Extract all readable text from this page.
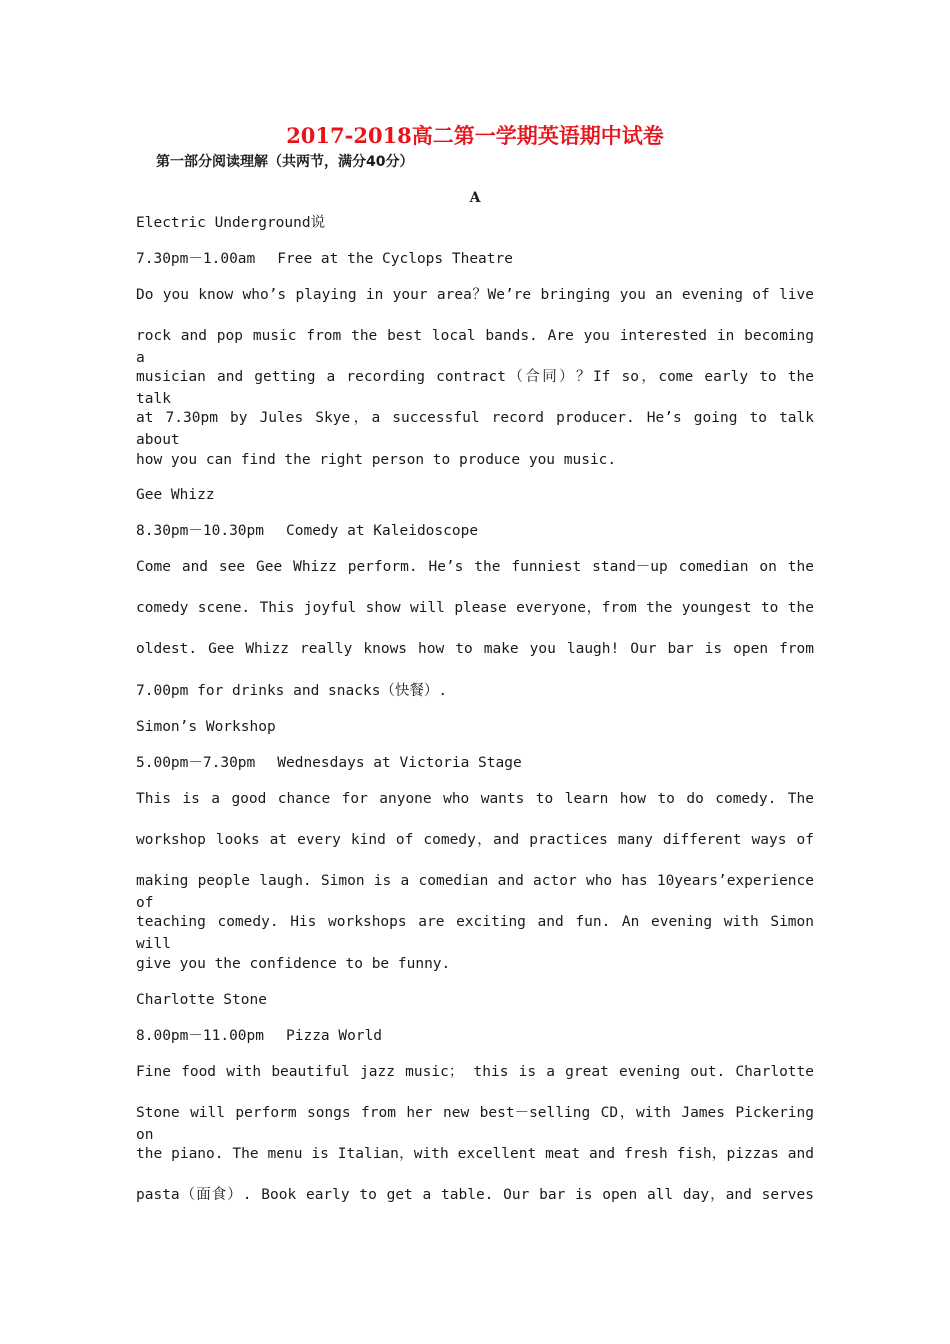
2017-2018高二第一学期英语期中试卷
第一部分阅读理解（共两节，满分40分）
A
Electric Underground说
7.30pm－1.00am Free at the Cyclops Theatre
Do you know who’s playing in your area？We’re bringing you an evening of live
rock and pop music from the best local bands. Are you interested in becoming a
musician and getting a recording contract（合同）？If so，come early to the talk
at 7.30pm by Jules Skye，a successful record producer. He’s going to talk about
how you can find the right person to produce you music.
Gee Whizz
8.30pm－10.30pm Comedy at Kaleidoscope
Come and see Gee Whizz perform. He’s the funniest stand－up comedian on the
comedy scene. This joyful show will please everyone，from the youngest to the
oldest. Gee Whizz really knows how to make you laugh! Our bar is open from
7.00pm for drinks and snacks（快餐）.
Simon’s Workshop
5.00pm－7.30pm Wednesdays at Victoria Stage
This is a good chance for anyone who wants to learn how to do comedy. The
workshop looks at every kind of comedy，and practices many different ways of
making people laugh. Simon is a comedian and actor who has 10years’experience of
teaching comedy. His workshops are exciting and fun. An evening with Simon will
give you the confidence to be funny.
Charlotte Stone
8.00pm－11.00pm Pizza World
Fine food with beautiful jazz music； this is a great evening out. Charlotte
Stone will perform songs from her new best－selling CD，with James Pickering on
the piano. The menu is Italian，with excellent meat and fresh fish，pizzas and
pasta（面食）. Book early to get a table. Our bar is open all day，and serves
